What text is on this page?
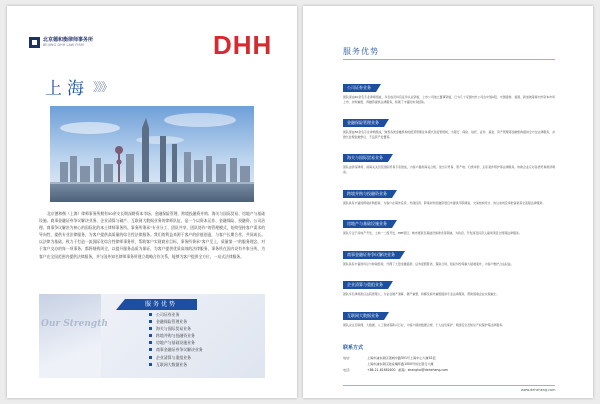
北京德和衡律师事务所
BEIJING DHH LAW FIRM	DHH
上海 》》》
北京德和衡（上海）律师事务所拥有50余支长期深耕资本市场、金融保险管理、跨境投融资并购、海关与国际贸易、房地产与基础设施、商事金融证券争议解决业务、企业清算与破产、互联网大数据业务的律师队伍，是一个以资本运作、金融保险、投融资、公司治理、商事争议解决为核心的国际化的本土律师事务所。事务所秉承“专业分工、团队共享，团队协作”的管理模式，始终坚持客户需求的导向性，提供专业法律服务，为客户提供高质量的综合性法律服务。我们的利益来源于客户的价值创造，与客户长期合作，共同成长。以法律为基础，致力于打造一流国际化综合性律师事务所，帮助客户实现商业目标，事务所秉承“客户至上，质量第一”的服务理念，对于客户交办的每一项事务，都将细致周全，以提升服务品质为保证，为客户提供优质高效的法律服务，事务所在国内设有多家分所，为客户在全国范围内提供法律服务，并与国外知名律师事务所建立战略合作关系，能够为客户提供全方位、一站式法律服务。
Our Strength
服务优势
公司证券业务
金融保险管理业务
海关与国际贸易业务
跨境并购与投融资业务
房地产与基础设施业务
商事金融证券争议解决业务
企业清算与重组业务
互联网大数据业务
服务优势
公司证券业务
团队现由40余名专业律师组成，多名成员持有证券从业资格，上市公司独立董事资格，已为几十家国内外公司在中国A股、中国香港、美国、新加坡等境内外资本市场上市、并购重组、再融资提供法律服务，积累了丰富的实务经验。
金融保险管理业务
团队现由50余名专业律师组成，熟悉各类金融机构的经营管理业务模式及监管规则，为银行、保险、信托、证券、基金、资产管理等金融机构提供全方位法律服务，并擅长处理金融争议、不良资产处置等。
海关与国际贸易业务
团队由资深律师、前海关关员及国际贸易专家组成，为客户提供海关合规、进出口贸易、原产地、归类审价、走私案件辩护等法律服务，协助企业应对各类贸易救济调查。
跨境并购与投融资业务
团队具有丰富的跨境并购经验，为客户在境外投资、外商投资、跨境并购及融资项目中提供尽职调查、交易结构设计、协议谈判及审批备案等全流程法律服务。
房地产与基础设施业务
团队专注于房地产开发、土地一二级开发、PPP项目、城市更新及基础设施建设等领域，为政府、开发商及投资人提供项目全周期法律服务。
商事金融证券争议解决业务
团队具有丰富的诉讼与仲裁经验，代理了大量金融借款、证券虚假陈述、保险合同、股权纠纷等重大疑难案件，为客户维护合法权益。
企业清算与重组业务
团队多名律师担任法院管理人，为企业破产清算、破产重整、和解及庭外重组提供专业法律服务，帮助困境企业实现重生。
互联网大数据业务
团队关注互联网、大数据、人工智能等新兴行业，为客户提供数据合规、个人信息保护、网络安全及知识产权保护等法律服务。
联系方式
地址：	上海市浦东新区银城中路501号上海中心大厦42层
上海市浦东新区陆家嘴环路1000号恒生银行大厦
电话：	+86-21-61681600 邮箱：shanghai@deheheng.com
www.deheheng.com
